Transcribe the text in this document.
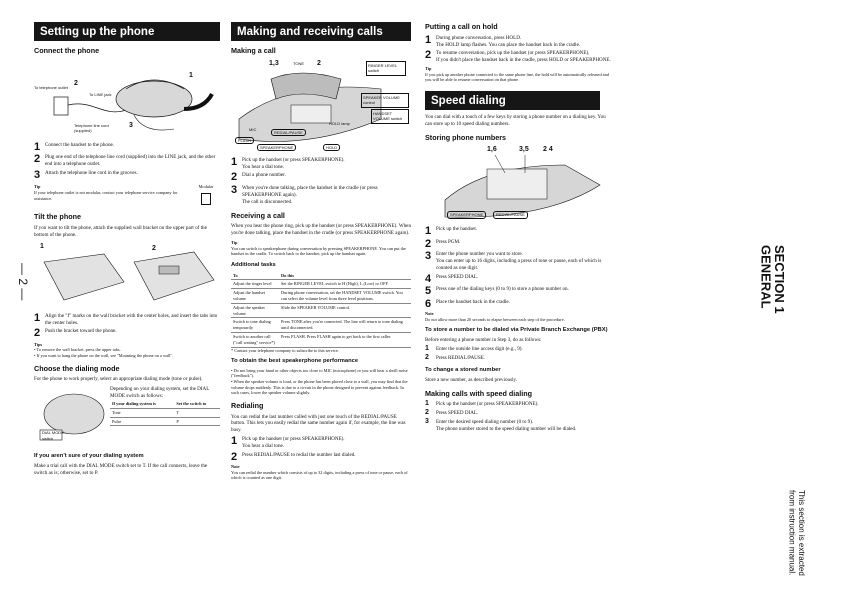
— 2 —
Setting up the phone
Connect the phone
To telephone outlet
To LINE jack
Telephone line cord (supplied)
2
1
3
1 Connect the handset to the phone.
2 Plug one end of the telephone line cord (supplied) into the LINE jack, and the other end into a telephone outlet.
3 Attach the telephone line cord in the grooves.
Tip
If your telephone outlet is not modular, contact your telephone service company for assistance.
Modular
Tilt the phone
If you want to tilt the phone, attach the supplied wall bracket on the upper part of the bottom of the phone.
1	2
1 Align the "f" marks on the wall bracket with the center holes, and insert the tabs into the center holes.
2 Push the bracket toward the phone.
Tips
• To remove the wall bracket, press the upper tabs.
• If you want to hang the phone on the wall, see "Mounting the phone on a wall".
Choose the dialing mode
For the phone to work properly, select an appropriate dialing mode (tone or pulse).
DIAL MODE switch
Depending on your dialing system, set the DIAL MODE switch as follows:
If your dialing system is	Set the switch to
Tone	T
Pulse	P
If you aren't sure of your dialing system
Make a trial call with the DIAL MODE switch set to T. If the call connects, leave the switch as is; otherwise, set to P.
Making and receiving calls
Making a call
1,3	TONE 2	RINGER LEVEL switch
SPEAKER VOLUME control
HANDSET VOLUME switch
HOLD lamp
MIC
REDIAL/PAUSE
FLASH
SPEAKERPHONE	HOLD
1 Pick up the handset (or press SPEAKERPHONE).
You hear a dial tone.
2 Dial a phone number.
3 When you're done talking, place the handset in the cradle (or press SPEAKERPHONE again).
The call is disconnected.
Receiving a call
When you hear the phone ring, pick up the handset (or press SPEAKERPHONE). When you're done talking, place the handset in the cradle (or press SPEAKERPHONE again).
Tip
You can switch to speakerphone during conversation by pressing SPEAKERPHONE. You can put the handset in the cradle. To switch back to the handset, pick up the handset again.
Additional tasks
To	Do this
Adjust the ringer level	Set the RINGER LEVEL switch to H (High), L (Low) or OFF.
Adjust the handset volume	During phone conversation, set the HANDSET VOLUME switch. You can select the volume level from three level positions.
Adjust the speaker volume	Slide the SPEAKER VOLUME control.
Switch to tone dialing temporarily	Press TONE after you're connected. The line will return to tone dialing until disconnected.
Switch to another call ("call waiting" service*)	Press FLASH. Press FLASH again to get back to the first caller.
* Contact your telephone company to subscribe to this service.
To obtain the best speakerphone performance
• Do not bring your hand or other objects too close to MIC (microphone) or you will hear a shrill noise ("feedback").
• When the speaker volume is loud, or the phone has been placed close to a wall, you may find that the volume drops suddenly. This is due to a circuit in the phone designed to prevent against feedback. In such cases, lower the speaker volume slightly.
Redialing
You can redial the last number called with just one touch of the REDIAL/PAUSE button. This lets you easily redial the same number again if, for example, the line was busy.
1 Pick up the handset (or press SPEAKERPHONE).
You hear a dial tone.
2 Press REDIAL/PAUSE to redial the number last dialed.
Note
You can redial the number which consists of up to 32 digits, including a press of tone or pause, each of which is counted as one digit.
Putting a call on hold
1 During phone conversation, press HOLD.
The HOLD lamp flashes. You can place the handset back in the cradle.
2 To resume conversation, pick up the handset (or press SPEAKERPHONE).
If you didn't place the handset back in the cradle, press HOLD or SPEAKERPHONE.
Tip
If you pick up another phone connected to the same phone line, the hold will be automatically released and you will be able to resume conversation on that phone.
Speed dialing
You can dial with a touch of a few keys by storing a phone number on a dialing key. You can store up to 10 speed dialing numbers.
Storing phone numbers
1,6	3,5 2 4
SPEAKERPHONE	REDIAL/PAUSE
1 Pick up the handset.
2 Press PGM.
3 Enter the phone number you want to store.
You can enter up to 16 digits, including a press of tone or pause, each of which is counted as one digit.
4 Press SPEED DIAL.
5 Press one of the dialing keys (0 to 9) to store a phone number on.
6 Place the handset back in the cradle.
Note
Do not allow more than 20 seconds to elapse between each step of the procedure.
To store a number to be dialed via Private Branch Exchange (PBX)
Before entering a phone number in Step 3, do as follows:
1	Enter the outside line access digit (e.g., 9).
2	Press REDIAL/PAUSE.
To change a stored number
Store a new number, as described previously.
Making calls with speed dialing
1	Pick up the handset (or press SPEAKERPHONE).
2	Press SPEED DIAL.
3	Enter the desired speed dialing number (0 to 9).
The phone number stored to the speed dialing number will be dialed.
SECTION 1
GENERAL
This section is extracted from instruction manual.
